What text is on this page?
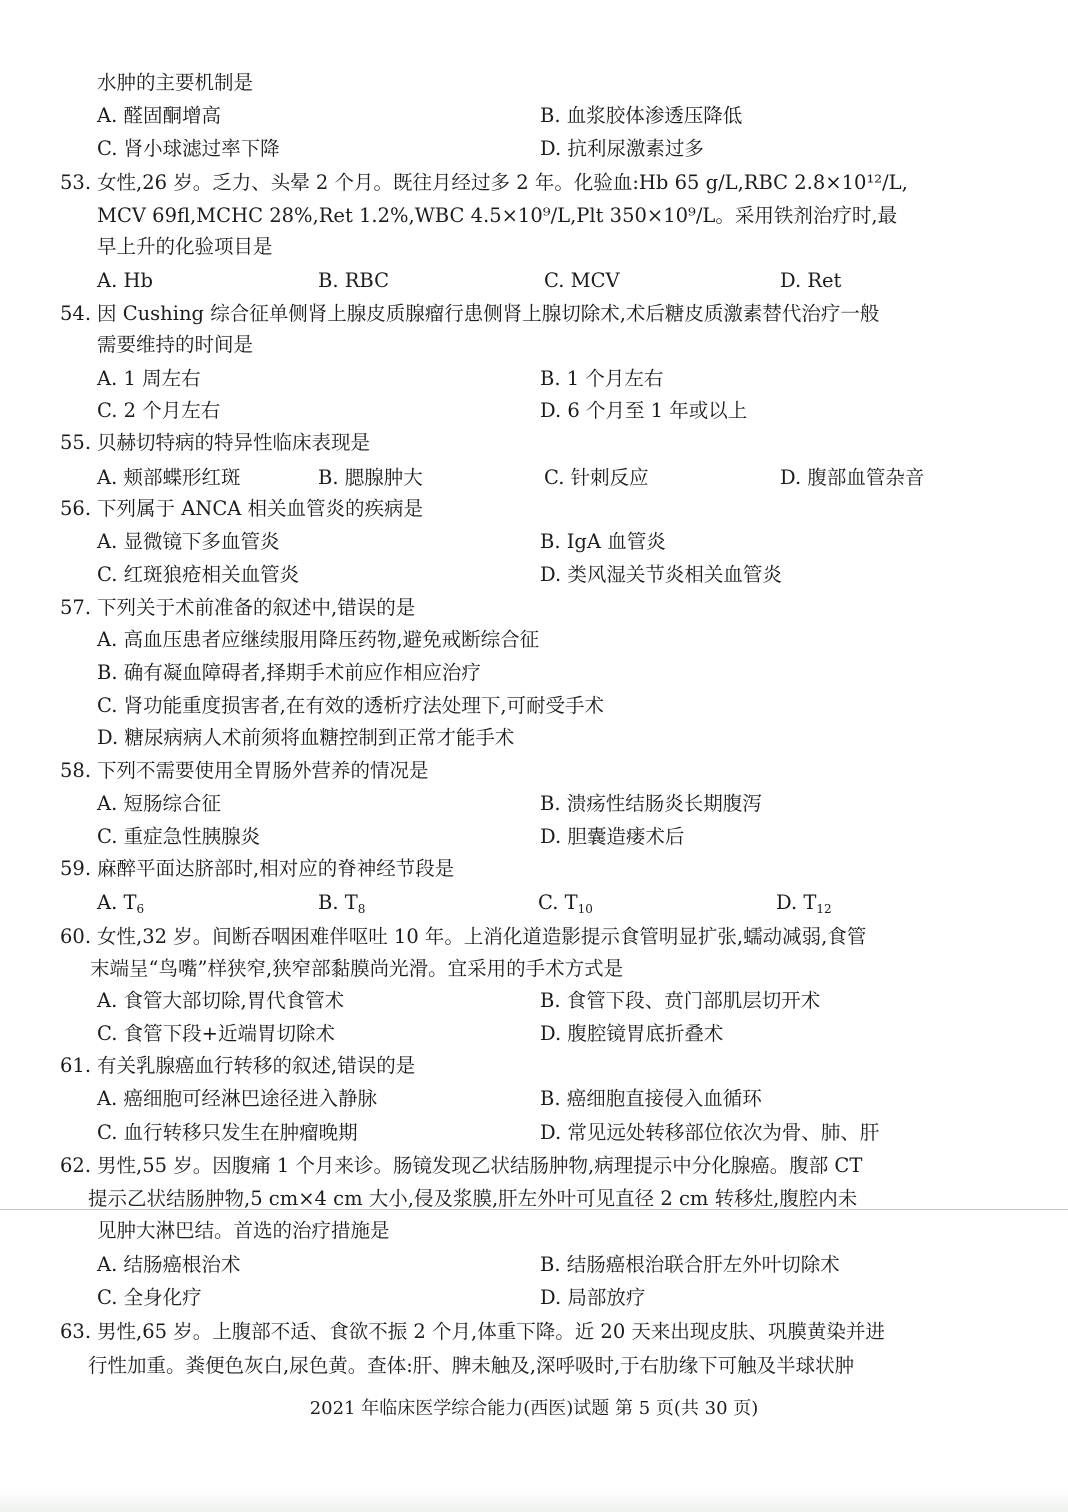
水肿的主要机制是
A. 醛固酮增高	B. 血浆胶体渗透压降低
C. 肾小球滤过率下降	D. 抗利尿激素过多
53. 女性,26 岁。乏力、头晕 2 个月。既往月经过多 2 年。化验血:Hb 65 g/L,RBC 2.8×10¹²/L,
MCV 69fl,MCHC 28%,Ret 1.2%,WBC 4.5×10⁹/L,Plt 350×10⁹/L。采用铁剂治疗时,最
早上升的化验项目是
A. Hb	B. RBC	C. MCV	D. Ret
54. 因 Cushing 综合征单侧肾上腺皮质腺瘤行患侧肾上腺切除术,术后糖皮质激素替代治疗一般
需要维持的时间是
A. 1 周左右	B. 1 个月左右
C. 2 个月左右	D. 6 个月至 1 年或以上
55. 贝赫切特病的特异性临床表现是
A. 颊部蝶形红斑	B. 腮腺肿大	C. 针刺反应	D. 腹部血管杂音
56. 下列属于 ANCA 相关血管炎的疾病是
A. 显微镜下多血管炎	B. IgA 血管炎
C. 红斑狼疮相关血管炎	D. 类风湿关节炎相关血管炎
57. 下列关于术前准备的叙述中,错误的是
A. 高血压患者应继续服用降压药物,避免戒断综合征
B. 确有凝血障碍者,择期手术前应作相应治疗
C. 肾功能重度损害者,在有效的透析疗法处理下,可耐受手术
D. 糖尿病病人术前须将血糖控制到正常才能手术
58. 下列不需要使用全胃肠外营养的情况是
A. 短肠综合征	B. 溃疡性结肠炎长期腹泻
C. 重症急性胰腺炎	D. 胆囊造瘘术后
59. 麻醉平面达脐部时,相对应的脊神经节段是
A. $T_6$	B. $T_8$	C. $T_{10}$	D. $T_{12}$
60. 女性,32 岁。间断吞咽困难伴呕吐 10 年。上消化道造影提示食管明显扩张,蠕动减弱,食管
末端呈“鸟嘴”样狭窄,狭窄部黏膜尚光滑。宜采用的手术方式是
A. 食管大部切除,胃代食管术	B. 食管下段、贲门部肌层切开术
C. 食管下段+近端胃切除术	D. 腹腔镜胃底折叠术
61. 有关乳腺癌血行转移的叙述,错误的是
A. 癌细胞可经淋巴途径进入静脉	B. 癌细胞直接侵入血循环
C. 血行转移只发生在肿瘤晚期	D. 常见远处转移部位依次为骨、肺、肝
62. 男性,55 岁。因腹痛 1 个月来诊。肠镜发现乙状结肠肿物,病理提示中分化腺癌。腹部 CT
提示乙状结肠肿物,5 cm×4 cm 大小,侵及浆膜,肝左外叶可见直径 2 cm 转移灶,腹腔内未
见肿大淋巴结。首选的治疗措施是
A. 结肠癌根治术	B. 结肠癌根治联合肝左外叶切除术
C. 全身化疗	D. 局部放疗
63. 男性,65 岁。上腹部不适、食欲不振 2 个月,体重下降。近 20 天来出现皮肤、巩膜黄染并进
行性加重。粪便色灰白,尿色黄。查体:肝、脾未触及,深呼吸时,于右肋缘下可触及半球状肿
2021 年临床医学综合能力(西医)试题 第 5 页(共 30 页)
